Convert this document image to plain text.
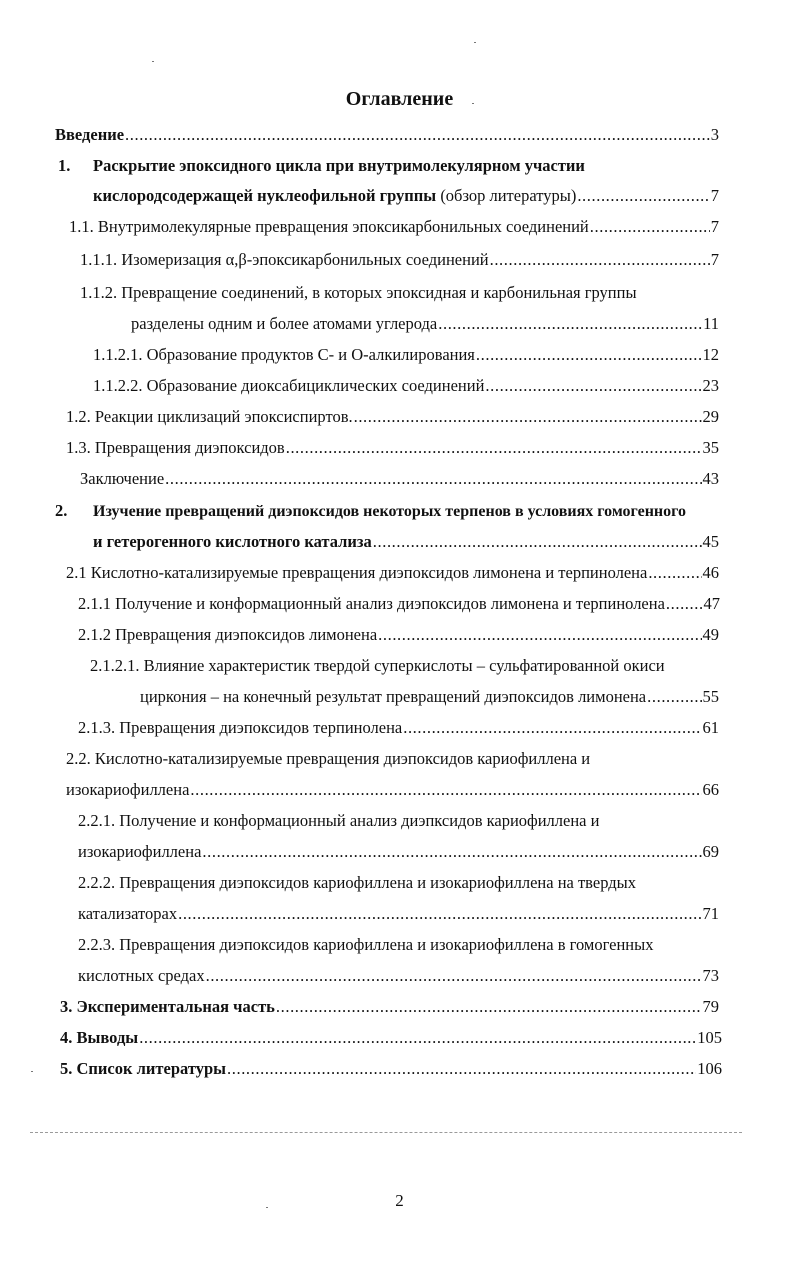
Оглавление
Введение .....	3
1.	Раскрытие эпоксидного цикла при внутримолекулярном участии
кислородсодержащей нуклеофильной группы (обзор литературы) .....	7
1.1. Внутримолекулярные превращения эпоксикарбонильных соединений .....	7
1.1.1. Изомеризация α,β-эпоксикарбонильных соединений .....	7
1.1.2. Превращение соединений, в которых эпоксидная и карбонильная группы
разделены одним и более атомами углерода .....	11
1.1.2.1. Образование продуктов С- и О-алкилирования .....	12
1.1.2.2. Образование диоксабициклических соединений .....	23
1.2. Реакции циклизаций эпоксиспиртов. .....	29
1.3. Превращения диэпоксидов .....	35
Заключение .....	43
2.	Изучение превращений диэпоксидов некоторых терпенов в условиях гомогенного
и гетерогенного кислотного катализа .....	45
2.1 Кислотно-катализируемые превращения диэпоксидов лимонена и терпинолена .....	46
2.1.1 Получение и конформационный анализ диэпоксидов лимонена и терпинолена ..... 47
2.1.2 Превращения диэпоксидов лимонена .....	49
2.1.2.1. Влияние характеристик твердой суперкислоты – сульфатированной окиси
циркония – на конечный результат превращений диэпоксидов лимонена .....	55
2.1.3. Превращения диэпоксидов терпинолена .....	61
2.2. Кислотно-катализируемые превращения диэпоксидов кариофиллена и
изокариофиллена .....	66
2.2.1. Получение и конформационный анализ диэпксидов кариофиллена и
изокариофиллена .....	69
2.2.2. Превращения диэпоксидов кариофиллена и изокариофиллена на твердых
катализаторах .....	71
2.2.3. Превращения диэпоксидов кариофиллена и изокариофиллена в гомогенных
кислотных средах .....	73
3. Экспериментальная часть .....	79
4. Выводы .....	105
5. Список литературы .....	106
2
